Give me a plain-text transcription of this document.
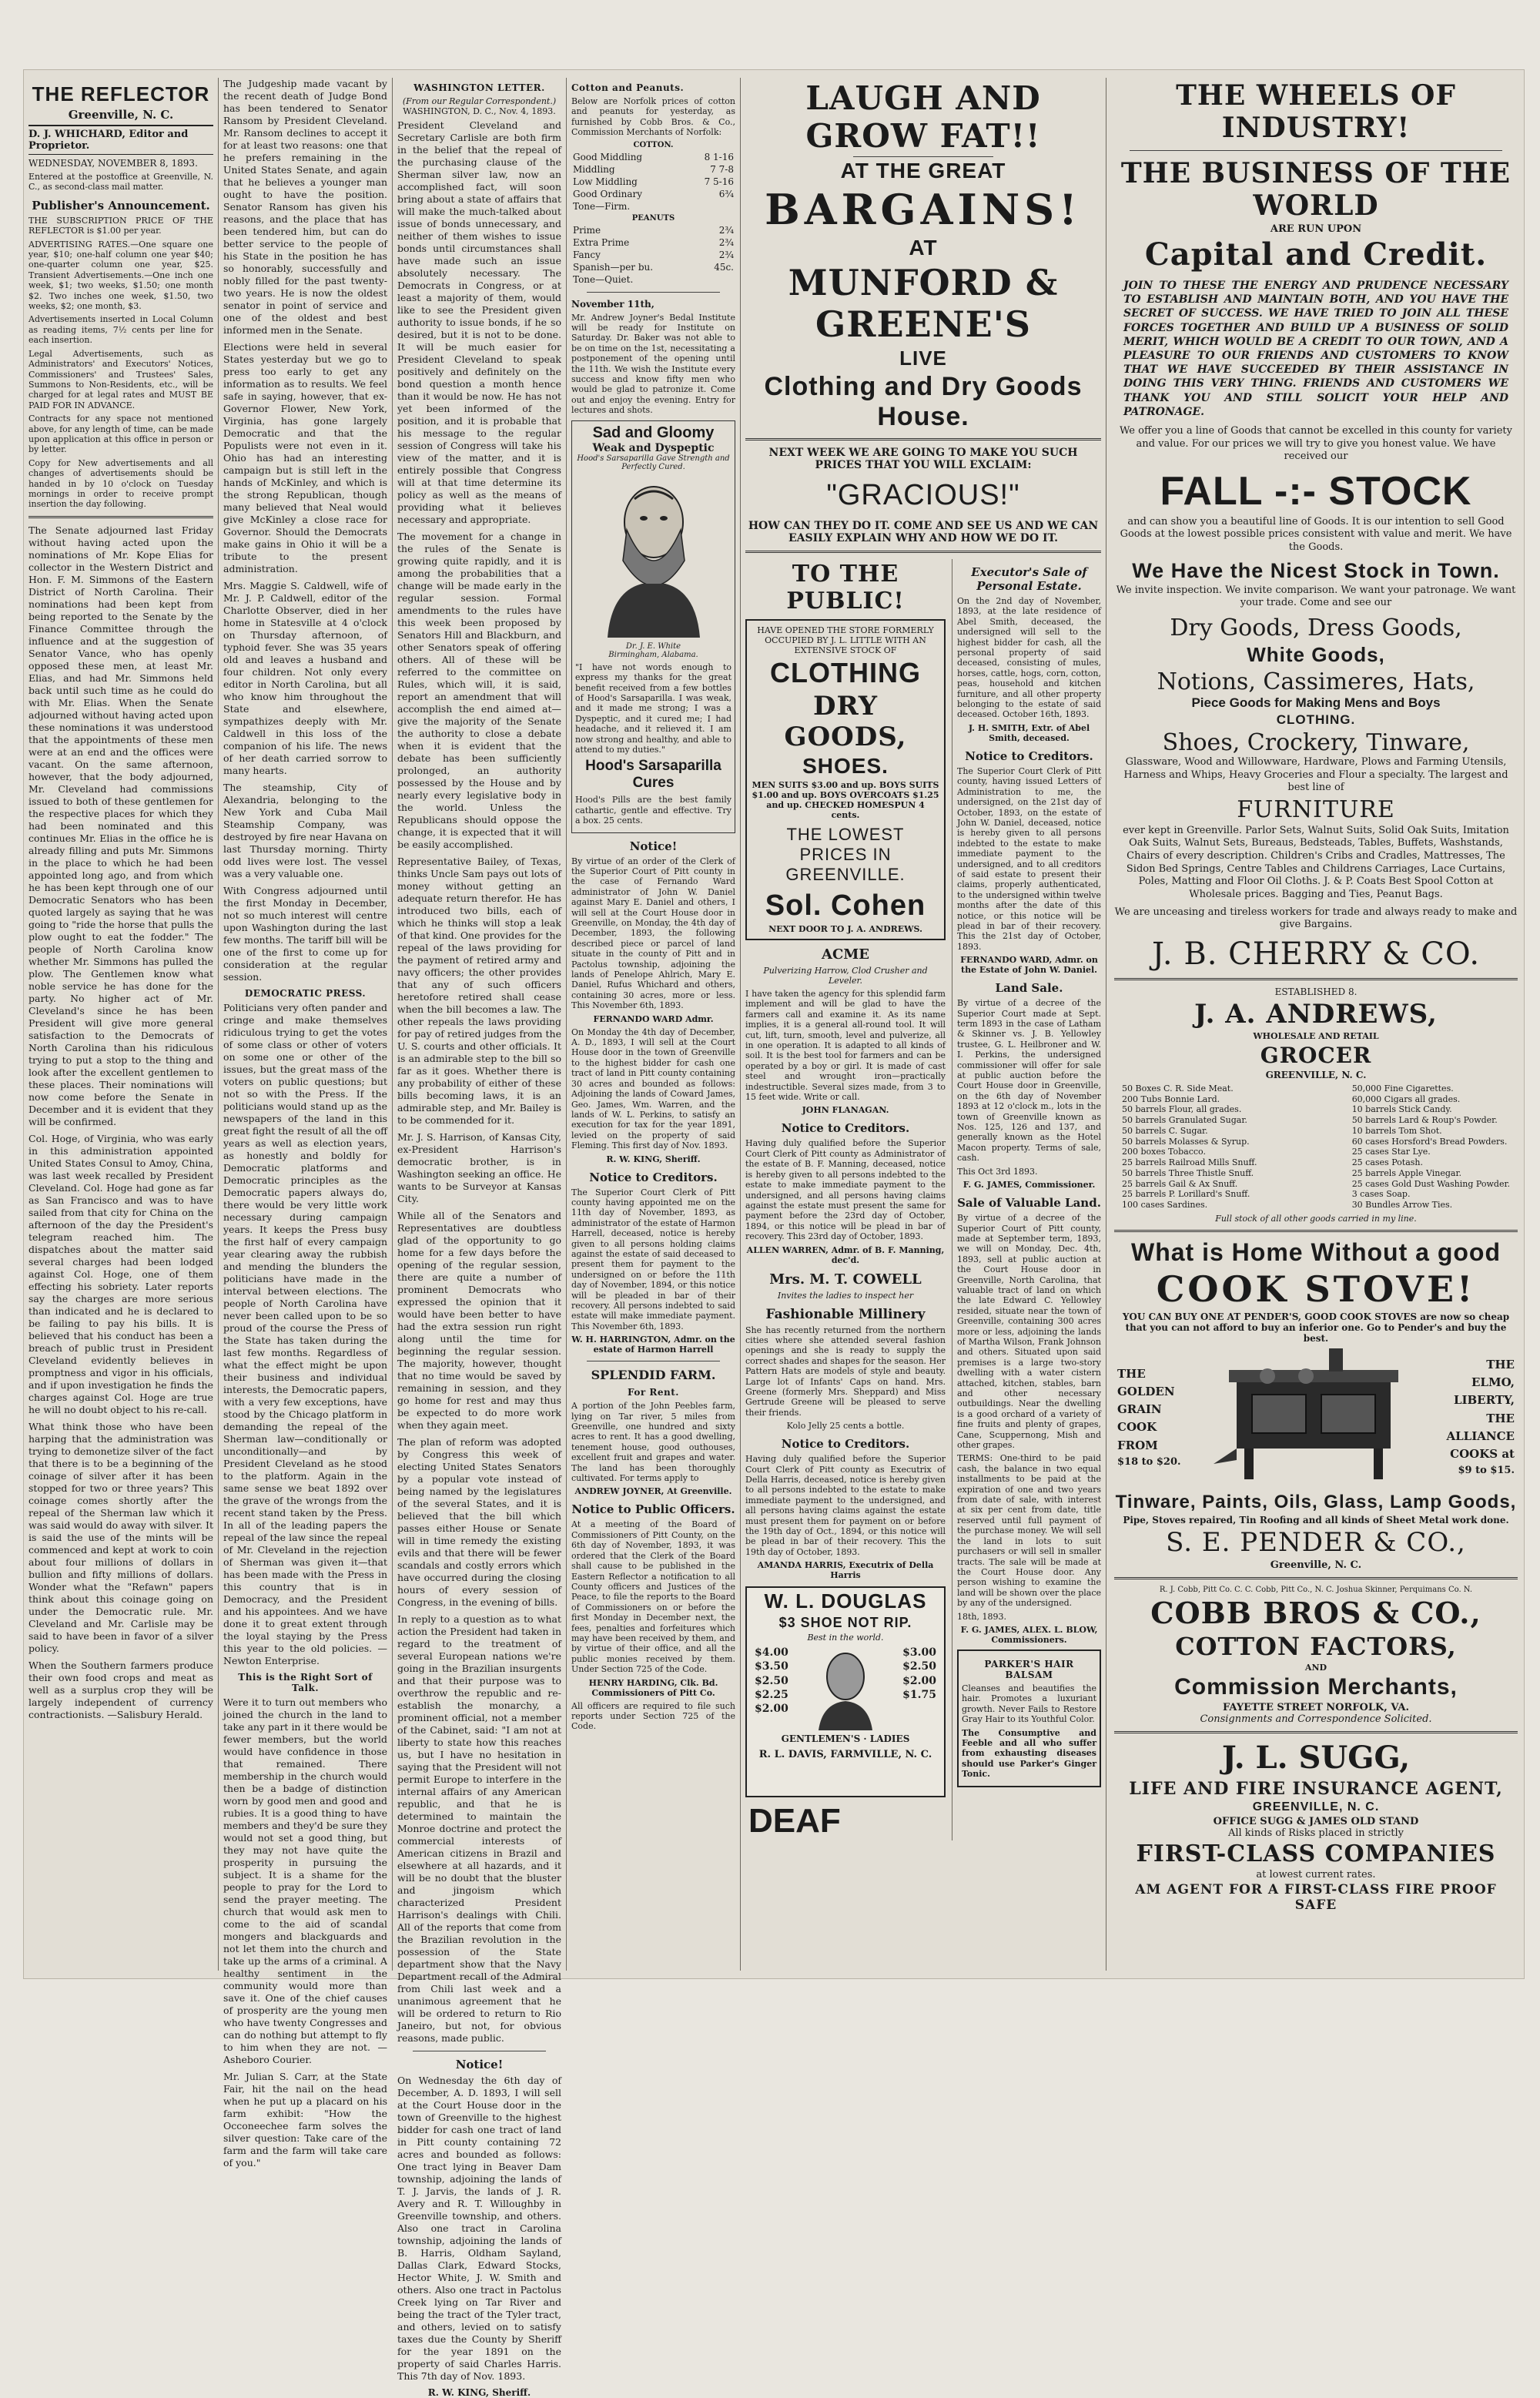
THE REFLECTOR
Greenville, N. C.
D. J. WHICHARD, Editor and Proprietor.
WEDNESDAY, NOVEMBER 8, 1893.
Entered at the postoffice at Greenville, N. C., as second-class mail matter.
Publisher's Announcement.
THE SUBSCRIPTION PRICE OF THE REFLECTOR is $1.00 per year.
ADVERTISING RATES.—One square one year, $10; one-half column one year $40; one-quarter column one year, $25. Transient Advertisements.—One inch one week, $1; two weeks, $1.50; one month $2. Two inches one week, $1.50, two weeks, $2; one month, $3.
Advertisements inserted in Local Column as reading items, 7½ cents per line for each insertion.
Legal Advertisements, such as Administrators' and Executors' Notices, Commissioners' and Trustees' Sales, Summons to Non-Residents, etc., will be charged for at legal rates and MUST BE PAID FOR IN ADVANCE.
Contracts for any space not mentioned above, for any length of time, can be made upon application at this office in person or by letter.
Copy for New advertisements and all changes of advertisements should be handed in by 10 o'clock on Tuesday mornings in order to receive prompt insertion the day following.

The Senate adjourned last Friday without having acted upon the nominations of Mr. Kope Elias for collector in the Western District and Hon. F. M. Simmons of the Eastern District of North Carolina. Their nominations had been kept from being reported to the Senate by the Finance Committee through the influence and at the suggestion of Senator Vance, who has openly opposed these men, at least Mr. Elias, and had Mr. Simmons held back until such time as he could do with Mr. Elias. When the Senate adjourned without having acted upon these nominations it was understood that the appointments of these men were at an end and the offices were vacant. On the same afternoon, however, that the body adjourned, Mr. Cleveland had commissions issued to both of these gentlemen for the respective places for which they had been nominated and this continues Mr. Elias in the office he is already filling and puts Mr. Simmons in the place to which he had been appointed long ago, and from which he has been kept through one of our Democratic Senators who has been quoted largely as saying that he was going to "ride the horse that pulls the plow ought to eat the fodder." The people of North Carolina know whether Mr. Simmons has pulled the plow. The Gentlemen know what noble service he has done for the party. No higher act of Mr. Cleveland's since he has been President will give more general satisfaction to the Democrats of North Carolina than his ridiculous trying to put a stop to the thing and look after the excellent gentlemen to these places. Their nominations will now come before the Senate in December and it is evident that they will be confirmed.

Col. Hoge, of Virginia, who was early in this administration appointed United States Consul to Amoy, China, was last week recalled by President Cleveland. Col. Hoge had gone as far as San Francisco and was to have sailed from that city for China on the afternoon of the day the President's telegram reached him. The dispatches about the matter said several charges had been lodged against Col. Hoge, one of them effecting his sobriety. Later reports say the charges are more serious than indicated and he is declared to be failing to pay his bills. It is believed that his conduct has been a breach of public trust in President Cleveland evidently believes in promptness and vigor in his officials, and if upon investigation he finds the charges against Col. Hoge are true he will no doubt object to his re-call.

What think those who have been harping that the administration was trying to demonetize silver of the fact that there is to be a beginning of the coinage of silver after it has been stopped for two or three years? This coinage comes shortly after the repeal of the Sherman law which it was said would do away with silver. It is said the use of the mints will be commenced and kept at work to coin about four millions of dollars in bullion and fifty millions of dollars. Wonder what the "Refawn" papers think about this coinage going on under the Democratic rule. Mr. Cleveland and Mr. Carlisle may be said to have been in favor of a silver policy.

When the Southern farmers produce their own food crops and meat as well as a surplus crop they will be largely independent of currency contractionists. —Salisbury Herald.

The Judgeship made vacant by the recent death of Judge Bond has been tendered to Senator Ransom by President Cleveland. Mr. Ransom declines to accept it for at least two reasons: one that he prefers remaining in the United States Senate, and again that he believes a younger man ought to have the position. Senator Ransom has given his reasons, and the place that has been tendered him, but can do better service to the people of his State in the position he has so honorably, successfully and nobly filled for the past twenty-two years. He is now the oldest senator in point of service and one of the oldest and best informed men in the Senate.

Elections were held in several States yesterday but we go to press too early to get any information as to results. We feel safe in saying, however, that ex-Governor Flower, New York, Virginia, has gone largely Democratic and that the Populists were not even in it. Ohio has had an interesting campaign but is still left in the hands of McKinley, and which is the strong Republican, though many believed that Neal would give McKinley a close race for Governor. Should the Democrats make gains in Ohio it will be a tribute to the present administration.

Mrs. Maggie S. Caldwell, wife of Mr. J. P. Caldwell, editor of the Charlotte Observer, died in her home in Statesville at 4 o'clock on Thursday afternoon, of typhoid fever. She was 35 years old and leaves a husband and four children. Not only every editor in North Carolina, but all who know him throughout the State and elsewhere, sympathizes deeply with Mr. Caldwell in this loss of the companion of his life. The news of her death carried sorrow to many hearts.

The steamship, City of Alexandria, belonging to the New York and Cuba Mail Steamship Company, was destroyed by fire near Havana on last Thursday morning. Thirty odd lives were lost. The vessel was a very valuable one.

With Congress adjourned until the first Monday in December, not so much interest will centre upon Washington during the last few months. The tariff bill will be one of the first to come up for consideration at the regular session.

DEMOCRATIC PRESS.

Politicians very often pander and cringe and make themselves ridiculous trying to get the votes of some class or other of voters on some one or other of the issues, but the great mass of the voters on public questions; but not so with the Press. If the politicians would stand up as the newspapers of the land in this great fight the result of all the off years as well as election years, as honestly and boldly for Democratic platforms and Democratic principles as the Democratic papers always do, there would be very little work necessary during campaign years. It keeps the Press busy the first half of every campaign year clearing away the rubbish and mending the blunders the politicians have made in the interval between elections. The people of North Carolina have never been called upon to be so proud of the course the Press of the State has taken during the last few months. Regardless of what the effect might be upon their business and individual interests, the Democratic papers, with a very few exceptions, have stood by the Chicago platform in demanding the repeal of the Sherman law—conditionally or unconditionally—and by President Cleveland as he stood to the platform. Again in the same sense we beat 1892 over the grave of the wrongs from the recent stand taken by the Press. In all of the leading papers the repeal of the law since the repeal of Mr. Cleveland in the rejection of Sherman was given it—that has been made with the Press in this country that is in Democracy, and the President and his appointees. And we have done it to great extent through the loyal staying by the Press this year to the old policies. —Newton Enterprise.

This is the Right Sort of Talk.

Were it to turn out members who joined the church in the land to take any part in it there would be fewer members, but the world would have confidence in those that remained. There membership in the church would then be a badge of distinction worn by good men and good and rubies. It is a good thing to have members and they'd be sure they would not set a good thing, but they may not have quite the prosperity in pursuing the subject. It is a shame for the people to pray for the Lord to send the prayer meeting. The church that would ask men to come to the aid of scandal mongers and blackguards and not let them into the church and take up the arms of a criminal. A healthy sentiment in the community would more than save it. One of the chief causes of prosperity are the young men who have twenty Congresses and can do nothing but attempt to fly to him when they are not. —Asheboro Courier.

Mr. Julian S. Carr, at the State Fair, hit the nail on the head when he put up a placard on his farm exhibit: "How the Occoneechee farm solves the silver question: Take care of the farm and the farm will take care of you."

WASHINGTON LETTER.
(From our Regular Correspondent.)
WASHINGTON, D. C., Nov. 4, 1893.

President Cleveland and Secretary Carlisle are both firm in the belief that the repeal of the purchasing clause of the Sherman silver law, now an accomplished fact, will soon bring about a state of affairs that will make the much-talked about issue of bonds unnecessary, and neither of them wishes to issue bonds until circumstances shall have made such an issue absolutely necessary. The Democrats in Congress, or at least a majority of them, would like to see the President given authority to issue bonds, if he so desired, but it is not to be done. It will be much easier for President Cleveland to speak positively and definitely on the bond question a month hence than it would be now. He has not yet been informed of the position, and it is probable that his message to the regular session of Congress will take his view of the matter, and it is entirely possible that Congress will at that time determine its policy as well as the means of providing what it believes necessary and appropriate.

The movement for a change in the rules of the Senate is growing quite rapidly, and it is among the probabilities that a change will be made early in the regular session. Formal amendments to the rules have this week been proposed by Senators Hill and Blackburn, and other Senators speak of offering others. All of these will be referred to the committee on Rules, which will, it is said, report an amendment that will accomplish the end aimed at—give the majority of the Senate the authority to close a debate when it is evident that the debate has been sufficiently prolonged, an authority possessed by the House and by nearly every legislative body in the world. Unless the Republicans should oppose the change, it is expected that it will be easily accomplished.

Representative Bailey, of Texas, thinks Uncle Sam pays out lots of money without getting an adequate return therefor. He has introduced two bills, each of which he thinks will stop a leak of that kind. One provides for the repeal of the laws providing for the payment of retired army and navy officers; the other provides that any of such officers heretofore retired shall cease when the bill becomes a law. The other repeals the laws providing for pay of retired judges from the U. S. courts and other officials. It is an admirable step to the bill so far as it goes. Whether there is any probability of either of these bills becoming laws, it is an admirable step, and Mr. Bailey is to be commended for it.

Mr. J. S. Harrison, of Kansas City, ex-President Harrison's democratic brother, is in Washington seeking an office. He wants to be Surveyor at Kansas City.

While all of the Senators and Representatives are doubtless glad of the opportunity to go home for a few days before the opening of the regular session, there are quite a number of prominent Democrats who expressed the opinion that it would have been better to have had the extra session run right along until the time for beginning the regular session. The majority, however, thought that no time would be saved by remaining in session, and they go home for rest and may thus be expected to do more work when they again meet.

The plan of reform was adopted by Congress this week of electing United States Senators by a popular vote instead of being named by the legislatures of the several States, and it is believed that the bill which passes either House or Senate will in time remedy the existing evils and that there will be fewer scandals and costly errors which have occurred during the closing hours of every session of Congress, in the evening of bills.

In reply to a question as to what action the President had taken in regard to the treatment of several European nations we're going in the Brazilian insurgents and that their purpose was to overthrow the republic and re-establish the monarchy, a prominent official, not a member of the Cabinet, said: "I am not at liberty to state how this reaches us, but I have no hesitation in saying that the President will not permit Europe to interfere in the internal affairs of any American republic, and that he is determined to maintain the Monroe doctrine and protect the commercial interests of American citizens in Brazil and elsewhere at all hazards, and it will be no doubt that the bluster and jingoism which characterized President Harrison's dealings with Chili. All of the reports that come from the Brazilian revolution in the possession of the State department show that the Navy Department recall of the Admiral from Chili last week and a unanimous agreement that he will be ordered to return to Rio Janeiro, but not, for obvious reasons, made public.

Notice!

On Wednesday the 6th day of December, A. D. 1893, I will sell at the Court House door in the town of Greenville to the highest bidder for cash one tract of land in Pitt county containing 72 acres and bounded as follows: One tract lying in Beaver Dam township, adjoining the lands of T. J. Jarvis, the lands of J. R. Avery and R. T. Willoughby in Greenville township, and others. Also one tract in Carolina township, adjoining the lands of B. Harris, Oldham Sayland, Dallas Clark, Edward Stocks, Hector White, J. W. Smith and others. Also one tract in Pactolus Creek lying on Tar River and being the tract of the Tyler tract, and others, levied on to satisfy taxes due the County by Sheriff for the year 1891 on the property of said Charles Harris. This 7th day of Nov. 1893.

R. W. KING, Sheriff.
Cotton and Peanuts.

Below are Norfolk prices of cotton and peanuts for yesterday, as furnished by Cobb Bros. & Co., Commission Merchants of Norfolk:

COTTON.
Good Middling	8 1-16
Middling	7 7-8
Low Middling	7 5-16
Good Ordinary	6¾
Tone—Firm.	
PEANUTS
Prime	2¾
Extra Prime	2¾
Fancy	2¾
Spanish—per bu.	45c.
Tone—Quiet.	
November 11th,

Mr. Andrew Joyner's Bedal Institute will be ready for Institute on Saturday. Dr. Baker was not able to be on time on the 1st, necessitating a postponement of the opening until the 11th. We wish the Institute every success and know fifty men who would be glad to patronize it. Come out and enjoy the evening. Entry for lectures and shots.

Sad and Gloomy
Weak and Dyspeptic
Hood's Sarsaparilla Gave Strength and Perfectly Cured.
Dr. J. E. White
Birmingham, Alabama.

"I have not words enough to express my thanks for the great benefit received from a few bottles of Hood's Sarsaparilla. I was weak, and it made me strong; I was a Dyspeptic, and it cured me; I had headache, and it relieved it. I am now strong and healthy, and able to attend to my duties."

Hood's Sarsaparilla Cures

Hood's Pills are the best family cathartic, gentle and effective. Try a box. 25 cents.

Notice!

By virtue of an order of the Clerk of the Superior Court of Pitt county in the case of Fernando Ward administrator of John W. Daniel against Mary E. Daniel and others, I will sell at the Court House door in Greenville, on Monday, the 4th day of December, 1893, the following described piece or parcel of land situate in the county of Pitt and in Pactolus township, adjoining the lands of Penelope Ahlrich, Mary E. Daniel, Rufus Whichard and others, containing 30 acres, more or less. This November 6th, 1893.

FERNANDO WARD Admr.

On Monday the 4th day of December, A. D., 1893, I will sell at the Court House door in the town of Greenville to the highest bidder for cash one tract of land in Pitt county containing 30 acres and bounded as follows: Adjoining the lands of Coward James, Geo. James, Wm. Warren, and the lands of W. L. Perkins, to satisfy an execution for tax for the year 1891, levied on the property of said Fleming. This first day of Nov. 1893.

R. W. KING, Sheriff.
Notice to Creditors.

The Superior Court Clerk of Pitt county having appointed me on the 11th day of November, 1893, as administrator of the estate of Harmon Harrell, deceased, notice is hereby given to all persons holding claims against the estate of said deceased to present them for payment to the undersigned on or before the 11th day of November, 1894, or this notice will be pleaded in bar of their recovery. All persons indebted to said estate will make immediate payment. This November 6th, 1893.

W. H. HARRINGTON, Admr. on the estate of Harmon Harrell
SPLENDID FARM.
For Rent.

A portion of the John Peebles farm, lying on Tar river, 5 miles from Greenville, one hundred and sixty acres to rent. It has a good dwelling, tenement house, good outhouses, excellent fruit and grapes and water. The land has been thoroughly cultivated. For terms apply to

ANDREW JOYNER, At Greenville.
Notice to Public Officers.

At a meeting of the Board of Commissioners of Pitt County, on the 6th day of November, 1893, it was ordered that the Clerk of the Board shall cause to be published in the Eastern Reflector a notification to all County officers and Justices of the Peace, to file the reports to the Board of Commissioners on or before the first Monday in December next, the fees, penalties and forfeitures which may have been received by them, and by virtue of their office, and all the public monies received by them. Under Section 725 of the Code.

HENRY HARDING, Clk. Bd. Commissioners of Pitt Co.

All officers are required to file such reports under Section 725 of the Code.

LAUGH AND GROW FAT!!
AT THE GREAT
BARGAINS!
AT
MUNFORD & GREENE'S
LIVE
Clothing and Dry Goods House.
NEXT WEEK WE ARE GOING TO MAKE YOU SUCH PRICES THAT YOU WILL EXCLAIM:
"GRACIOUS!"
HOW CAN THEY DO IT. COME AND SEE US AND WE CAN EASILY EXPLAIN WHY AND HOW WE DO IT.
TO THE PUBLIC!
HAVE OPENED THE STORE FORMERLY OCCUPIED BY J. L. LITTLE WITH AN EXTENSIVE STOCK OF
CLOTHING
DRY GOODS,
SHOES.
MEN SUITS $3.00 and up. BOYS SUITS $1.00 and up. BOYS OVERCOATS $1.25 and up. CHECKED HOMESPUN 4 cents.
THE LOWEST PRICES IN GREENVILLE.
Sol. Cohen
NEXT DOOR TO J. A. ANDREWS.
ACME
Pulverizing Harrow, Clod Crusher and Leveler.

I have taken the agency for this splendid farm implement and will be glad to have the farmers call and examine it. As its name implies, it is a general all-round tool. It will cut, lift, turn, smooth, level and pulverize, all in one operation. It is adapted to all kinds of soil. It is the best tool for farmers and can be operated by a boy or girl. It is made of cast steel and wrought iron—practically indestructible. Several sizes made, from 3 to 15 feet wide. Write or call.

JOHN FLANAGAN.
Notice to Creditors.

Having duly qualified before the Superior Court Clerk of Pitt county as Administrator of the estate of B. F. Manning, deceased, notice is hereby given to all persons indebted to the estate to make immediate payment to the undersigned, and all persons having claims against the estate must present the same for payment before the 23rd day of October, 1894, or this notice will be plead in bar of recovery. This 23rd day of October, 1893.

ALLEN WARREN, Admr. of B. F. Manning, dec'd.
Mrs. M. T. COWELL
Invites the ladies to inspect her
Fashionable Millinery

She has recently returned from the northern cities where she attended several fashion openings and she is ready to supply the correct shades and shapes for the season. Her Pattern Hats are models of style and beauty. Large lot of Infants' Caps on hand. Mrs. Greene (formerly Mrs. Sheppard) and Miss Gertrude Greene will be pleased to serve their friends.

Kolo Jelly 25 cents a bottle.
Notice to Creditors.

Having duly qualified before the Superior Court Clerk of Pitt county as Executrix of Della Harris, deceased, notice is hereby given to all persons indebted to the estate to make immediate payment to the undersigned, and all persons having claims against the estate must present them for payment on or before the 19th day of Oct., 1894, or this notice will be plead in bar of their recovery. This the 19th day of October, 1893.

AMANDA HARRIS, Executrix of Della Harris
W. L. DOUGLAS
$3 SHOE NOT RIP.
Best in the world.
$4.00
$3.50
$2.50
$2.25
$2.00
$3.00
$2.50
$2.00
$1.75
GENTLEMEN'S · LADIES
R. L. DAVIS, FARMVILLE, N. C.
DEAF
Executor's Sale of Personal Estate.

On the 2nd day of November, 1893, at the late residence of Abel Smith, deceased, the undersigned will sell to the highest bidder for cash, all the personal property of said deceased, consisting of mules, horses, cattle, hogs, corn, cotton, peas, household and kitchen furniture, and all other property belonging to the estate of said deceased. October 16th, 1893.

J. H. SMITH, Extr. of Abel Smith, deceased.
Notice to Creditors.

The Superior Court Clerk of Pitt county, having issued Letters of Administration to me, the undersigned, on the 21st day of October, 1893, on the estate of John W. Daniel, deceased, notice is hereby given to all persons indebted to the estate to make immediate payment to the undersigned, and to all creditors of said estate to present their claims, properly authenticated, to the undersigned within twelve months after the date of this notice, or this notice will be plead in bar of their recovery. This the 21st day of October, 1893.

FERNANDO WARD, Admr. on the Estate of John W. Daniel.
Land Sale.

By virtue of a decree of the Superior Court made at Sept. term 1893 in the case of Latham & Skinner vs. J. B. Yellowley trustee, G. L. Heilbroner and W. I. Perkins, the undersigned commissioner will offer for sale at public auction before the Court House door in Greenville, on the 6th day of November 1893 at 12 o'clock m., lots in the town of Greenville known as Nos. 125, 126 and 137, and generally known as the Hotel Macon property. Terms of sale, cash.

This Oct 3rd 1893.
F. G. JAMES, Commissioner.
Sale of Valuable Land.

By virtue of a decree of the Superior Court of Pitt county, made at September term, 1893, we will on Monday, Dec. 4th, 1893, sell at public auction at the Court House door in Greenville, North Carolina, that valuable tract of land on which the late Edward C. Yellowley resided, situate near the town of Greenville, containing 300 acres more or less, adjoining the lands of Martha Wilson, Frank Johnson and others. Situated upon said premises is a large two-story dwelling with a water cistern attached, kitchen, stables, barn and other necessary outbuildings. Near the dwelling is a good orchard of a variety of fine fruits and plenty of grapes, Cane, Scuppernong, Mish and other grapes.

TERMS: One-third to be paid cash, the balance in two equal installments to be paid at the expiration of one and two years from date of sale, with interest at six per cent from date, title reserved until full payment of the purchase money. We will sell the land in lots to suit purchasers or will sell in smaller tracts. The sale will be made at the Court House door. Any person wishing to examine the land will be shown over the place by any of the undersigned.

18th, 1893.
F. G. JAMES, ALEX. L. BLOW, Commissioners.
PARKER'S HAIR BALSAM

Cleanses and beautifies the hair. Promotes a luxuriant growth. Never Fails to Restore Gray Hair to its Youthful Color.

The Consumptive and Feeble and all who suffer from exhausting diseases should use Parker's Ginger Tonic.

THE WHEELS OF INDUSTRY!
THE BUSINESS OF THE WORLD
ARE RUN UPON
Capital and Credit.

JOIN TO THESE THE ENERGY AND PRUDENCE NECESSARY TO ESTABLISH AND MAINTAIN BOTH, AND YOU HAVE THE SECRET OF SUCCESS. WE HAVE TRIED TO JOIN ALL THESE FORCES TOGETHER AND BUILD UP A BUSINESS OF SOLID MERIT, WHICH WOULD BE A CREDIT TO OUR TOWN, AND A PLEASURE TO OUR FRIENDS AND CUSTOMERS TO KNOW THAT WE HAVE SUCCEEDED BY THEIR ASSISTANCE IN DOING THIS VERY THING. FRIENDS AND CUSTOMERS WE THANK YOU AND STILL SOLICIT YOUR HELP AND PATRONAGE.

We offer you a line of Goods that cannot be excelled in this county for variety and value. For our prices we will try to give you honest value. We have received our

FALL -:- STOCK

and can show you a beautiful line of Goods. It is our intention to sell Good Goods at the lowest possible prices consistent with value and merit. We have the Goods.

We Have the Nicest Stock in Town.

We invite inspection. We invite comparison. We want your patronage. We want your trade. Come and see our

Dry Goods, Dress Goods,
White Goods,
Notions, Cassimeres, Hats,
Piece Goods for Making Mens and Boys
CLOTHING.
Shoes, Crockery, Tinware,

Glassware, Wood and Willowware, Hardware, Plows and Farming Utensils, Harness and Whips, Heavy Groceries and Flour a specialty. The largest and best line of

FURNITURE

ever kept in Greenville. Parlor Sets, Walnut Suits, Solid Oak Suits, Imitation Oak Suits, Walnut Sets, Bureaus, Bedsteads, Tables, Buffets, Washstands, Chairs of every description. Children's Cribs and Cradles, Mattresses, The Sidon Bed Springs, Centre Tables and Childrens Carriages, Lace Curtains, Poles, Matting and Floor Oil Cloths. J. & P. Coats Best Spool Cotton at Wholesale prices. Bagging and Ties, Peanut Bags.

We are unceasing and tireless workers for trade and always ready to make and give Bargains.

J. B. CHERRY & CO.
ESTABLISHED 8.
J. A. ANDREWS,
WHOLESALE AND RETAIL
GROCER
GREENVILLE, N. C.
50 Boxes C. R. Side Meat.
200 Tubs Bonnie Lard.
50 barrels Flour, all grades.
50 barrels Granulated Sugar.
50 barrels C. Sugar.
50 barrels Molasses & Syrup.
200 boxes Tobacco.
25 barrels Railroad Mills Snuff.
50 barrels Three Thistle Snuff.
25 barrels Gail & Ax Snuff.
25 barrels P. Lorillard's Snuff.
100 cases Sardines.
50,000 Fine Cigarettes.
60,000 Cigars all grades.
10 barrels Stick Candy.
50 barrels Lard & Roup's Powder.
10 barrels Tom Shot.
60 cases Horsford's Bread Powders.
25 cases Star Lye.
25 cases Potash.
25 barrels Apple Vinegar.
25 cases Gold Dust Washing Powder.
3 cases Soap.
30 Bundles Arrow Ties.
Full stock of all other goods carried in my line.
What is Home Without a good
COOK STOVE!
YOU CAN BUY ONE AT PENDER'S, GOOD COOK STOVES are now so cheap that you can not afford to buy an inferior one. Go to Pender's and buy the best.
THE
GOLDEN
GRAIN
COOK
FROM
$18 to $20.
THE
ELMO,
LIBERTY,
THE
ALLIANCE
COOKS at
$9 to $15.
Tinware, Paints, Oils, Glass, Lamp Goods,
Pipe, Stoves repaired, Tin Roofing and all kinds of Sheet Metal work done.
S. E. PENDER & CO.,
Greenville, N. C.
R. J. Cobb, Pitt Co. C. C. Cobb, Pitt Co., N. C. Joshua Skinner, Perquimans Co. N.
COBB BROS & CO.,
COTTON FACTORS,
AND
Commission Merchants,
FAYETTE STREET NORFOLK, VA.
Consignments and Correspondence Solicited.
J. L. SUGG,
LIFE AND FIRE INSURANCE AGENT,
GREENVILLE, N. C.
OFFICE SUGG & JAMES OLD STAND
All kinds of Risks placed in strictly
FIRST-CLASS COMPANIES
at lowest current rates.
AM AGENT FOR A FIRST-CLASS FIRE PROOF SAFE
